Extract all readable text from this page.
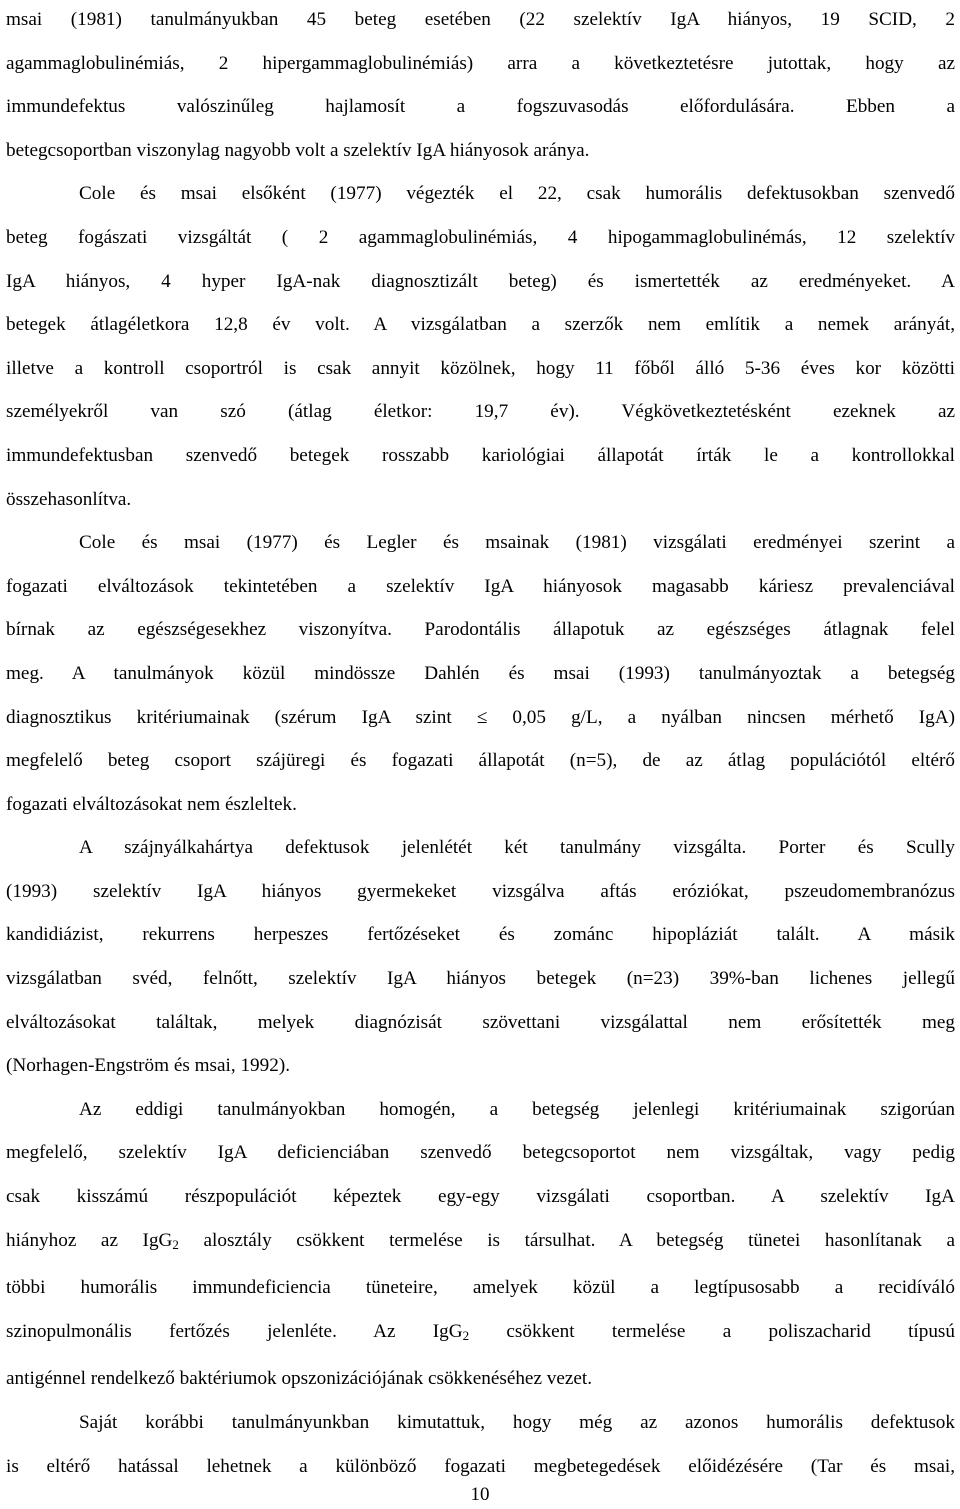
msai (1981) tanulmányukban 45 beteg esetében (22 szelektív IgA hiányos, 19 SCID, 2
agammaglobulinémiás, 2 hipergammaglobulinémiás) arra a következtetésre jutottak, hogy az
immundefektus valószinűleg hajlamosít a fogszuvasodás előfordulására. Ebben a
betegcsoportban viszonylag nagyobb volt a szelektív IgA hiányosok aránya.
Cole és msai elsőként (1977) végezték el 22, csak humorális defektusokban szenvedő
beteg fogászati vizsgáltát ( 2 agammaglobulinémiás, 4 hipogammaglobulinémás, 12 szelektív
IgA hiányos, 4 hyper IgA-nak diagnosztizált beteg) és ismertették az eredményeket. A
betegek átlagéletkora 12,8 év volt. A vizsgálatban a szerzők nem említik a nemek arányát,
illetve a kontroll csoportról is csak annyit közölnek, hogy 11 főből álló 5-36 éves kor közötti
személyekről van szó (átlag életkor: 19,7 év). Végkövetkeztetésként ezeknek az
immundefektusban szenvedő betegek rosszabb kariológiai állapotát írták le a kontrollokkal
összehasonlítva.
Cole és msai (1977) és Legler és msainak (1981) vizsgálati eredményei szerint a
fogazati elváltozások tekintetében a szelektív IgA hiányosok magasabb káriesz prevalenciával
bírnak az egészségesekhez viszonyítva. Parodontális állapotuk az egészséges átlagnak felel
meg. A tanulmányok közül mindössze Dahlén és msai (1993) tanulmányoztak a betegség
diagnosztikus kritériumainak (szérum IgA szint ≤ 0,05 g/L, a nyálban nincsen mérhető IgA)
megfelelő beteg csoport szájüregi és fogazati állapotát (n=5), de az átlag populációtól eltérő
fogazati elváltozásokat nem észleltek.
A szájnyálkahártya defektusok jelenlétét két tanulmány vizsgálta. Porter és Scully
(1993) szelektív IgA hiányos gyermekeket vizsgálva aftás eróziókat, pszeudomembranózus
kandidiázist, rekurrens herpeszes fertőzéseket és zománc hipopláziát talált. A másik
vizsgálatban svéd, felnőtt, szelektív IgA hiányos betegek (n=23) 39%-ban lichenes jellegű
elváltozásokat találtak, melyek diagnózisát szövettani vizsgálattal nem erősítették meg
(Norhagen-Engström és msai, 1992).
Az eddigi tanulmányokban homogén, a betegség jelenlegi kritériumainak szigorúan
megfelelő, szelektív IgA deficienciában szenvedő betegcsoportot nem vizsgáltak, vagy pedig
csak kisszámú részpopulációt képeztek egy-egy vizsgálati csoportban. A szelektív IgA
hiányhoz az IgG$_2$ alosztály csökkent termelése is társulhat. A betegség tünetei hasonlítanak a
többi humorális immundeficiencia tüneteire, amelyek közül a legtípusosabb a recidíváló
szinopulmonális fertőzés jelenléte. Az IgG$_2$ csökkent termelése a poliszacharid típusú
antigénnel rendelkező baktériumok opszonizációjának csökkenéséhez vezet.
Saját korábbi tanulmányunkban kimutattuk, hogy még az azonos humorális defektusok
is eltérő hatással lehetnek a különböző fogazati megbetegedések előidézésére (Tar és msai,
10
